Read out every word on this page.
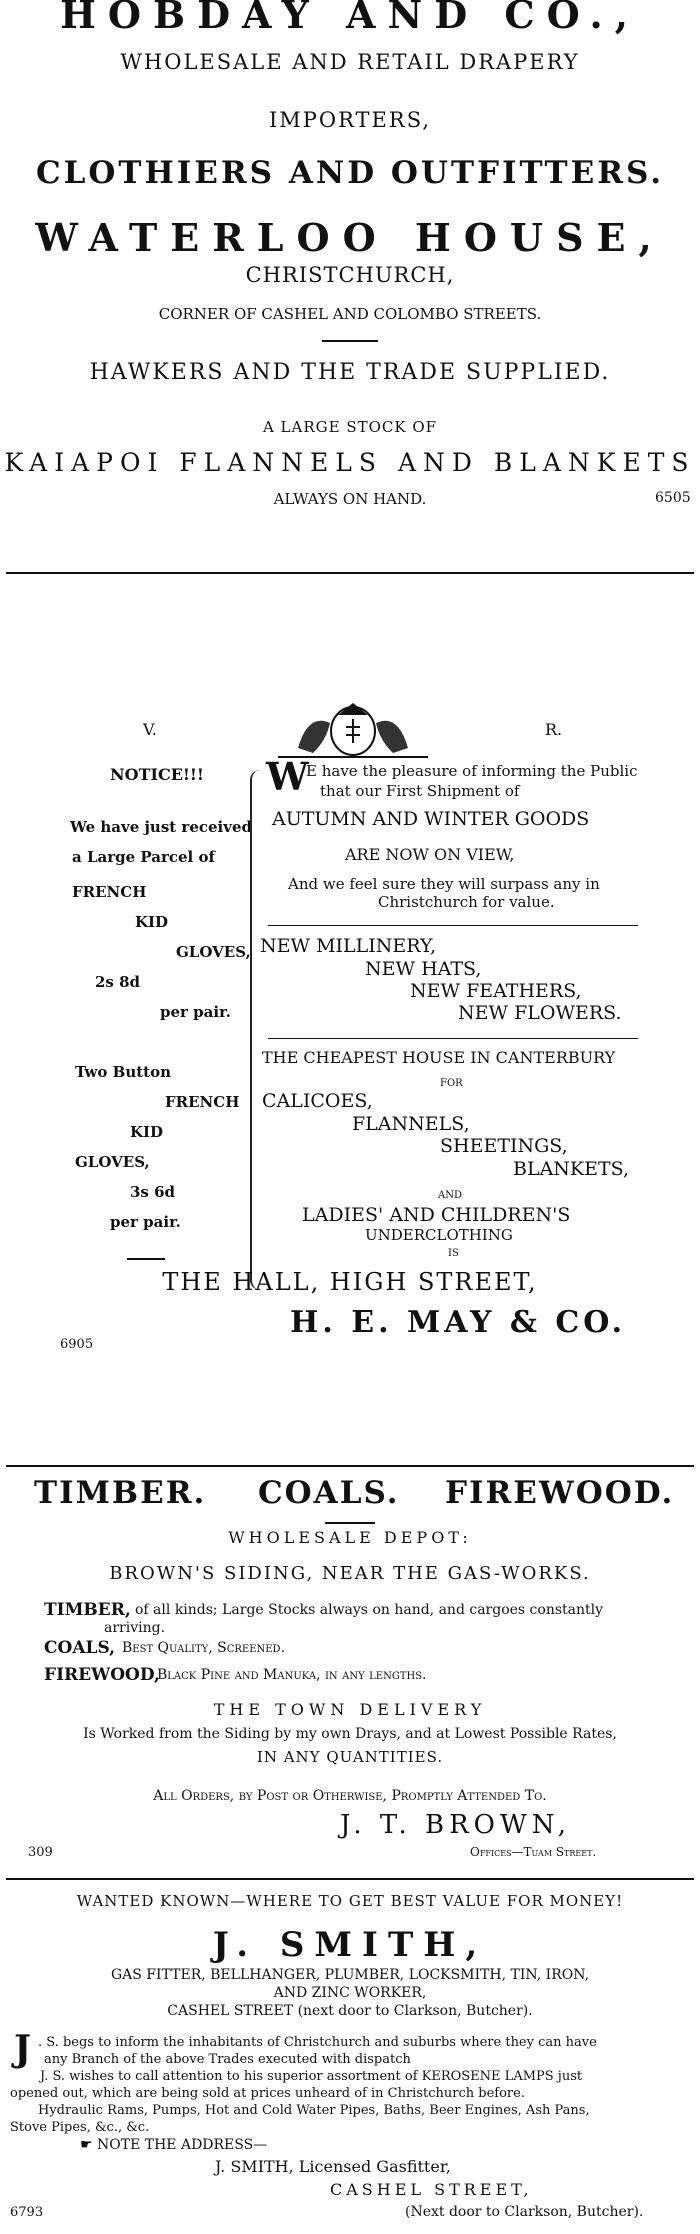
HOBDAY AND CO.,
WHOLESALE AND RETAIL DRAPERY
IMPORTERS,
CLOTHIERS AND OUTFITTERS.
WATERLOO HOUSE,
CHRISTCHURCH,
CORNER OF CASHEL AND COLOMBO STREETS.
HAWKERS AND THE TRADE SUPPLIED.
A LARGE STOCK OF
KAIAPOI FLANNELS AND BLANKETS
ALWAYS ON HAND.	6505
V.	R.
NOTICE!!!
We have just received
a Large Parcel of
FRENCH
KID
GLOVES,
2s 8d
per pair.
Two Button
FRENCH
KID
GLOVES,
3s 6d
per pair.
W
E have the pleasure of informing the Public
that our First Shipment of
AUTUMN AND WINTER GOODS
ARE NOW ON VIEW,
And we feel sure they will surpass any in
Christchurch for value.
NEW MILLINERY,
NEW HATS,
NEW FEATHERS,
NEW FLOWERS.
THE CHEAPEST HOUSE IN CANTERBURY
FOR
CALICOES,
FLANNELS,
SHEETINGS,
BLANKETS,
AND
LADIES' AND CHILDREN'S
UNDERCLOTHING
IS
THE HALL, HIGH STREET,
H. E. MAY & CO.
6905
TIMBER. COALS. FIREWOOD.
WHOLESALE DEPOT:
BROWN'S SIDING, NEAR THE GAS-WORKS.
TIMBER, of all kinds; Large Stocks always on hand, and cargoes constantly
arriving.
COALS, Best Quality, Screened.
FIREWOOD,
Black Pine and Manuka, in any lengths.
THE TOWN DELIVERY
Is Worked from the Siding by my own Drays, and at Lowest Possible Rates,
IN ANY QUANTITIES.
All Orders, by Post or Otherwise, Promptly Attended To.
J. T. BROWN,
309	Offices—Tuam Street.
WANTED KNOWN—WHERE TO GET BEST VALUE FOR MONEY!
J. SMITH,
GAS FITTER, BELLHANGER, PLUMBER, LOCKSMITH, TIN, IRON,
AND ZINC WORKER,
CASHEL STREET (next door to Clarkson, Butcher).
J . S. begs to inform the inhabitants of Christchurch and suburbs where they can have
any Branch of the above Trades executed with dispatch
J. S. wishes to call attention to his superior assortment of KEROSENE LAMPS just
opened out, which are being sold at prices unheard of in Christchurch before.
Hydraulic Rams, Pumps, Hot and Cold Water Pipes, Baths, Beer Engines, Ash Pans,
Stove Pipes, &c., &c.
☛ NOTE THE ADDRESS—
J. SMITH, Licensed Gasfitter,
CASHEL STREET,
6793	(Next door to Clarkson, Butcher).
